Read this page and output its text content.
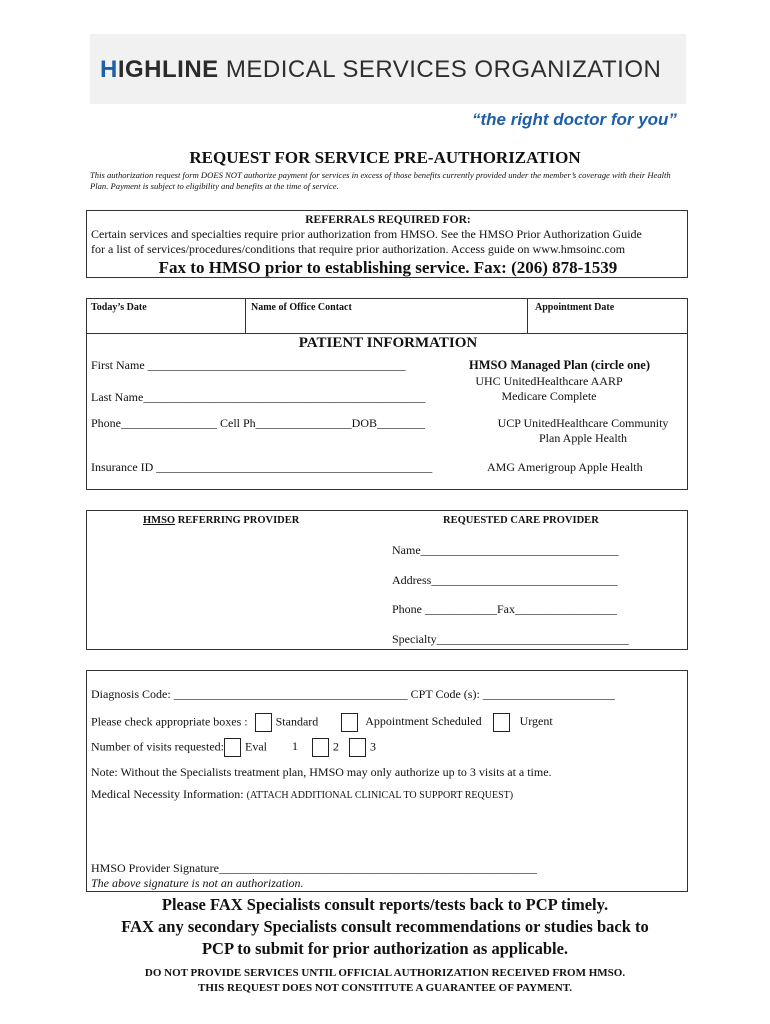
HIGHLINE MEDICAL SERVICES ORGANIZATION
“the right doctor for you”
REQUEST FOR SERVICE PRE-AUTHORIZATION
This authorization request form DOES NOT authorize payment for services in excess of those benefits currently provided under the member’s coverage with their Health Plan. Payment is subject to eligibility and benefits at the time of service.
REFERRALS REQUIRED FOR:
Certain services and specialties require prior authorization from HMSO. See the HMSO Prior Authorization Guide
for a list of services/procedures/conditions that require prior authorization. Access guide on www.hmsoinc.com
Fax to HMSO prior to establishing service. Fax: (206) 878-1539
Today’s Date	Name of Office Contact	Appointment Date
PATIENT INFORMATION
First Name ___________________________________________
Last Name_______________________________________________
Phone________________ Cell Ph________________DOB________
Insurance ID ______________________________________________
HMSO Managed Plan (circle one)
UHC UnitedHealthcare AARP
Medicare Complete
UCP UnitedHealthcare Community
Plan Apple Health
AMG Amerigroup Apple Health
HMSO REFERRING PROVIDER	REQUESTED CARE PROVIDER
Name_________________________________
Address_______________________________
Phone ____________Fax_________________
Specialty________________________________
Diagnosis Code: _______________________________________ CPT Code (s): ______________________
Please check appropriate boxes : Standard	Appointment Scheduled	Urgent
Number of visits requested: Eval 1	2	3
Note: Without the Specialists treatment plan, HMSO may only authorize up to 3 visits at a time.
Medical Necessity Information: (ATTACH ADDITIONAL CLINICAL TO SUPPORT REQUEST)
HMSO Provider Signature_____________________________________________________
The above signature is not an authorization.
Please FAX Specialists consult reports/tests back to PCP timely.
FAX any secondary Specialists consult recommendations or studies back to
PCP to submit for prior authorization as applicable.
DO NOT PROVIDE SERVICES UNTIL OFFICIAL AUTHORIZATION RECEIVED FROM HMSO.
THIS REQUEST DOES NOT CONSTITUTE A GUARANTEE OF PAYMENT.
